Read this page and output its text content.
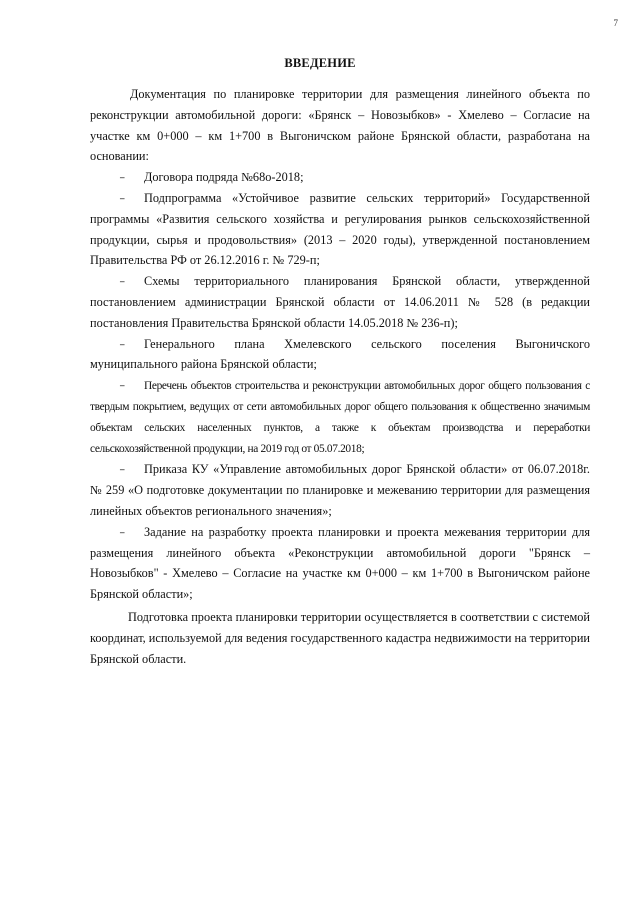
7
ВВЕДЕНИЕ

Документация по планировке территории для размещения линейного объекта по реконструкции автомобильной дороги: «Брянск – Новозыбков» - Хмелево – Согласие на участке км 0+000 – км 1+700 в Выгоничском районе Брянской области, разработана на основании:

– Договора подряда №68о-2018;

– Подпрограмма «Устойчивое развитие сельских территорий» Государственной программы «Развития сельского хозяйства и регулирования рынков сельскохозяйственной продукции, сырья и продовольствия» (2013 – 2020 годы), утвержденной постановлением Правительства РФ от 26.12.2016 г. № 729-п;

– Схемы территориального планирования Брянской области, утвержденной постановлением администрации Брянской области от 14.06.2011 № 528 (в редакции постановления Правительства Брянской области 14.05.2018 № 236-п);

– Генерального плана Хмелевского сельского поселения Выгоничского муниципального района Брянской области;

– Перечень объектов строительства и реконструкции автомобильных дорог общего пользования с твердым покрытием, ведущих от сети автомобильных дорог общего пользования к общественно значимым объектам сельских населенных пунктов, а также к объектам производства и переработки сельскохозяйственной продукции, на 2019 год от 05.07.2018;

– Приказа КУ «Управление автомобильных дорог Брянской области» от 06.07.2018г. № 259 «О подготовке документации по планировке и межеванию территории для размещения линейных объектов регионального значения»;

– Задание на разработку проекта планировки и проекта межевания территории для размещения линейного объекта «Реконструкции автомобильной дороги "Брянск – Новозыбков" - Хмелево – Согласие на участке км 0+000 – км 1+700 в Выгоничском районе Брянской области»;

Подготовка проекта планировки территории осуществляется в соответствии с системой координат, используемой для ведения государственного кадастра недвижимости на территории Брянской области.
